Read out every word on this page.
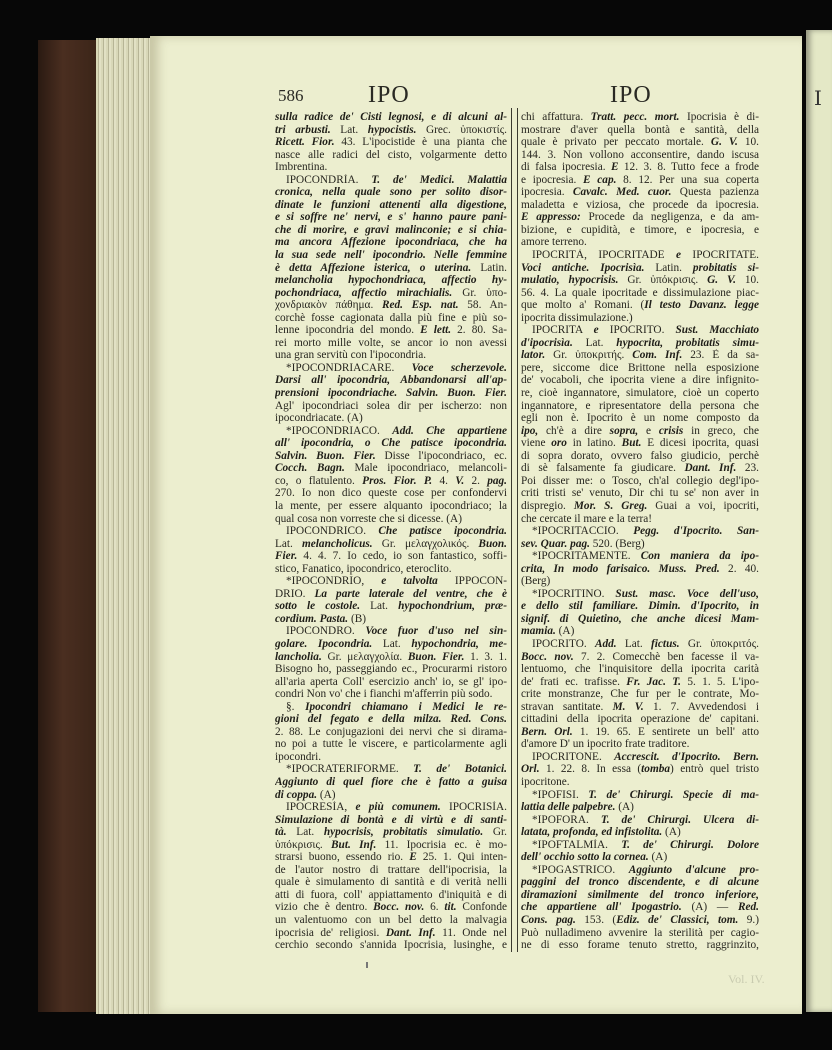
I
586	IPO	IPO
sulla radice de' Cisti legnosi, e di alcuni al-
tri arbusti. Lat. hypocistis. Grec. ὑποκιστίς.
Ricett. Fior. 43. L'ipocistide è una pianta che
nasce alle radici del cisto, volgarmente detto
Imbrentina.
IPOCONDRÌA. T. de' Medici. Malattia
cronica, nella quale sono per solito disor-
dinate le funzioni attenenti alla digestione,
e si soffre ne' nervi, e s' hanno paure pani-
che di morire, e gravi malinconie; e si chia-
ma ancora Affezione ipocondriaca, che ha
la sua sede nell' ipocondrio. Nelle femmine
è detta Affezione isterica, o uterina. Latin.
melancholia hypochondriaca, affectio hy-
pochondriaca, affectio mirachialis. Gr. ὑπο-
χονδριακὸν πάθημα. Red. Esp. nat. 58. An-
corchè fosse cagionata dalla più fine e più so-
lenne ipocondria del mondo. E lett. 2. 80. Sa-
rei morto mille volte, se ancor io non avessi
una gran servitù con l'ipocondria.
*IPOCONDRIACARE. Voce scherzevole.
Darsi all' ipocondria, Abbandonarsi all'ap-
prensioni ipocondriache. Salvin. Buon. Fier.
Agl' ipocondriaci solea dir per ischerzo: non
ipocondriacate. (A)
*IPOCONDRIACO. Add. Che appartiene
all' ipocondria, o Che patisce ipocondria.
Salvin. Buon. Fier. Disse l'ipocondriaco, ec.
Cocch. Bagn. Male ipocondriaco, melancoli-
co, o flatulento. Pros. Fior. P. 4. V. 2. pag.
270. Io non dico queste cose per confondervi
la mente, per essere alquanto ipocondriaco; la
qual cosa non vorreste che si dicesse. (A)
IPOCONDRICO. Che patisce ipocondria.
Lat. melancholicus. Gr. μελαγχολικός. Buon.
Fier. 4. 4. 7. Io cedo, io son fantastico, soffi-
stico, Fanatico, ipocondrico, eteroclito.
*IPOCONDRIO, e talvolta IPPOCON-
DRIO. La parte laterale del ventre, che è
sotto le costole. Lat. hypochondrium, præ-
cordium. Pasta. (B)
IPOCONDRO. Voce fuor d'uso nel sin-
golare. Ipocondria. Lat. hypochondria, me-
lancholia. Gr. μελαγχολία. Buon. Fier. 1. 3. 1.
Bisogno ho, passeggiando ec., Procurarmi ristoro
all'aria aperta Coll' esercizio anch' io, se gl' ipo-
condri Non vo' che i fianchi m'afferrin più sodo.
§. Ipocondri chiamano i Medici le re-
gioni del fegato e della milza. Red. Cons.
2. 88. Le conjugazioni dei nervi che si dirama-
no poi a tutte le viscere, e particolarmente agli
ipocondri.
*IPOCRATERIFORME. T. de' Botanici.
Aggiunto di quel fiore che è fatto a guisa
di coppa. (A)
IPOCRESÌA, e più comunem. IPOCRISÌA.
Simulazione di bontà e di virtù e di santi-
tà. Lat. hypocrisis, probitatis simulatio. Gr.
ὑπόκρισις. But. Inf. 11. Ipocrisia ec. è mo-
strarsi buono, essendo rio. E 25. 1. Qui inten-
de l'autor nostro di trattare dell'ipocrisia, la
quale è simulamento di santità e di verità nelli
atti di fuora, coll' appiattamento d'iniquità e di
vizio che è dentro. Bocc. nov. 6. tit. Confonde
un valentuomo con un bel detto la malvagia
ipocrisia de' religiosi. Dant. Inf. 11. Onde nel
cerchio secondo s'annida Ipocrisia, lusinghe, e
chi affattura. Tratt. pecc. mort. Ipocrisia è di-
mostrare d'aver quella bontà e santità, della
quale è privato per peccato mortale. G. V. 10.
144. 3. Non vollono acconsentire, dando iscusa
di falsa ipocresia. E 12. 3. 8. Tutto fece a frode
e ipocresia. E cap. 8. 12. Per una sua coperta
ipocresia. Cavalc. Med. cuor. Questa pazienza
maladetta e viziosa, che procede da ipocresia.
E appresso: Procede da negligenza, e da am-
bizione, e cupidità, e timore, e ipocresia, e
amore terreno.
IPOCRITÀ, IPOCRITADE e IPOCRITATE.
Voci antiche. Ipocrisìa. Latin. probitatis si-
mulatio, hypocrisis. Gr. ὑπόκρισις. G. V. 10.
56. 4. La quale ipocritade e dissimulazione piac-
que molto a' Romani. (Il testo Davanz. legge
ipocrita dissimulazione.)
IPOCRITA e IPOCRITO. Sust. Macchiato
d'ipocrisìa. Lat. hypocrita, probitatis simu-
lator. Gr. ὑποκριτής. Com. Inf. 23. È da sa-
pere, siccome dice Brittone nella esposizione
de' vocaboli, che ipocrita viene a dire infignito-
re, cioè ingannatore, simulatore, cioè un coperto
ingannatore, e ripresentatore della persona che
egli non è. Ipocrito è un nome composto da
ipo, ch'è a dire sopra, e crisis in greco, che
viene oro in latino. But. E dicesi ipocrita, quasi
di sopra dorato, ovvero falso giudicio, perchè
di sè falsamente fa giudicare. Dant. Inf. 23.
Poi disser me: o Tosco, ch'al collegio degl'ipo-
criti tristi se' venuto, Dir chi tu se' non aver in
dispregio. Mor. S. Greg. Guai a voi, ipocriti,
che cercate il mare e la terra!
*IPOCRITACCIO. Pegg. d'Ipocrito. San-
sev. Quar. pag. 520. (Berg)
*IPOCRITAMENTE. Con maniera da ipo-
crita, In modo farisaico. Muss. Pred. 2. 40.
(Berg)
*IPOCRITINO. Sust. masc. Voce dell'uso,
e dello stil familiare. Dimin. d'Ipocrito, in
signif. di Quietino, che anche dicesi Mam-
mamia. (A)
IPOCRITO. Add. Lat. fictus. Gr. ὑποκριτός.
Bocc. nov. 7. 2. Comecchè ben facesse il va-
lentuomo, che l'inquisitore della ipocrita carità
de' frati ec. trafisse. Fr. Jac. T. 5. 1. 5. L'ipo-
crite monstranze, Che fur per le contrate, Mo-
stravan santitate. M. V. 1. 7. Avvedendosi i
cittadini della ipocrita operazione de' capitani.
Bern. Orl. 1. 19. 65. E sentirete un bell' atto
d'amore D' un ipocrito frate traditore.
IPOCRITONE. Accrescit. d'Ipocrito. Bern.
Orl. 1. 22. 8. In essa (tomba) entrò quel tristo
ipocritone.
*IPOFISI. T. de' Chirurgi. Specie di ma-
lattia delle palpebre. (A)
*IPOFORA. T. de' Chirurgi. Ulcera di-
latata, profonda, ed infistolita. (A)
*IPOFTALMÌA. T. de' Chirurgi. Dolore
dell' occhio sotto la cornea. (A)
*IPOGASTRICO. Aggiunto d'alcune pro-
paggini del tronco discendente, e di alcune
diramazioni similmente del tronco inferiore,
che appartiene all' Ipogastrio. (A) — Red.
Cons. pag. 153. (Ediz. de' Classici, tom. 9.)
Può nulladimeno avvenire la sterilità per cagio-
ne di esso forame tenuto stretto, raggrinzito,
Vol. IV.
